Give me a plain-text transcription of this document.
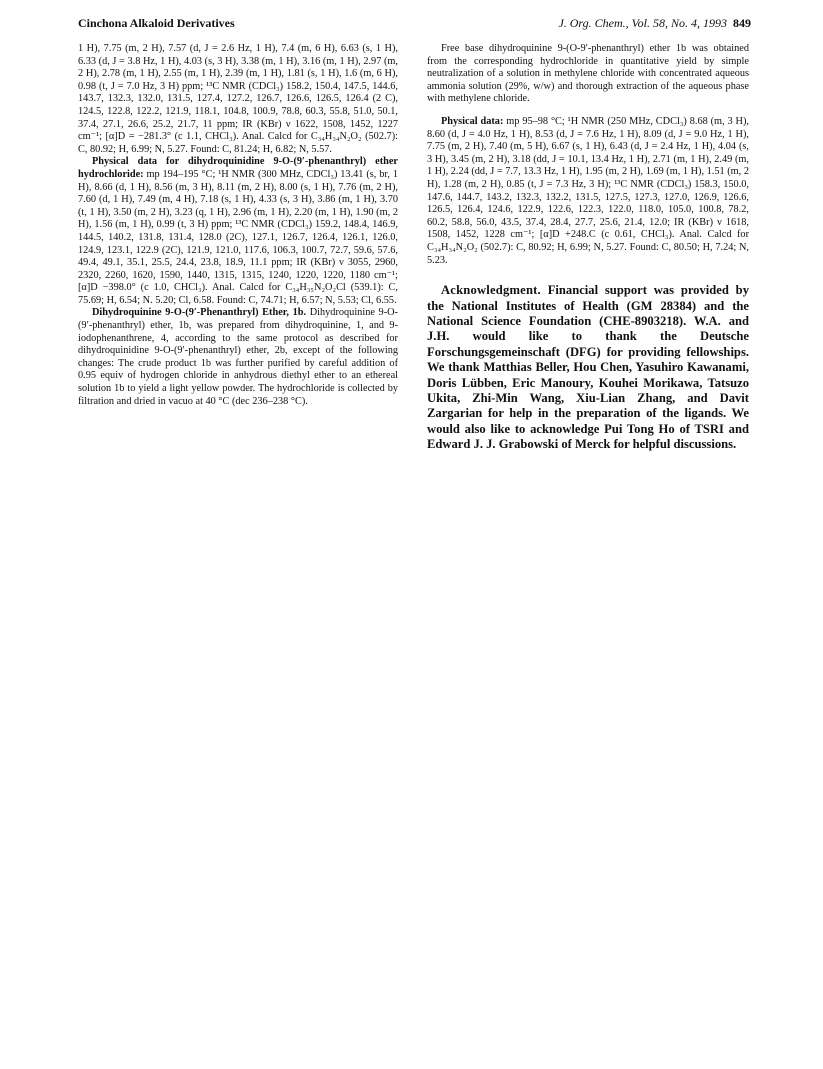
Cinchona Alkaloid Derivatives	J. Org. Chem., Vol. 58, No. 4, 1993 849

1 H), 7.75 (m, 2 H), 7.57 (d, J = 2.6 Hz, 1 H), 7.4 (m, 6 H), 6.63 (s, 1 H), 6.33 (d, J = 3.8 Hz, 1 H), 4.03 (s, 3 H), 3.38 (m, 1 H), 3.16 (m, 1 H), 2.97 (m, 2 H), 2.78 (m, 1 H), 2.55 (m, 1 H), 2.39 (m, 1 H), 1.81 (s, 1 H), 1.6 (m, 6 H), 0.98 (t, J = 7.0 Hz, 3 H) ppm; ¹³C NMR (CDCl₃) 158.2, 150.4, 147.5, 144.6, 143.7, 132.3, 132.0, 131.5, 127.4, 127.2, 126.7, 126.6, 126.5, 126.4 (2 C), 124.5, 122.8, 122.2, 121.9, 118.1, 104.8, 100.9, 78.8, 60.3, 55.8, 51.0, 50.1, 37.4, 27.1, 26.6, 25.2, 21.7, 11 ppm; IR (KBr) ν 1622, 1508, 1452, 1227 cm⁻¹; [α]D = −281.3° (c 1.1, CHCl₃). Anal. Calcd for C₃₄H₃₄N₂O₂ (502.7): C, 80.92; H, 6.99; N, 5.27. Found: C, 81.24; H, 6.82; N, 5.57.

Physical data for dihydroquinidine 9-O-(9′-phenanthryl) ether hydrochloride: mp 194–195 °C; ¹H NMR (300 MHz, CDCl₃) 13.41 (s, br, 1 H), 8.66 (d, 1 H), 8.56 (m, 3 H), 8.11 (m, 2 H), 8.00 (s, 1 H), 7.76 (m, 2 H), 7.60 (d, 1 H), 7.49 (m, 4 H), 7.18 (s, 1 H), 4.33 (s, 3 H), 3.86 (m, 1 H), 3.70 (t, 1 H), 3.50 (m, 2 H), 3.23 (q, 1 H), 2.96 (m, 1 H), 2.20 (m, 1 H), 1.90 (m, 2 H), 1.56 (m, 1 H), 0.99 (t, 3 H) ppm; ¹³C NMR (CDCl₃) 159.2, 148.4, 146.9, 144.5, 140.2, 131.8, 131.4, 128.0 (2C), 127.1, 126.7, 126.4, 126.1, 126.0, 124.9, 123.1, 122.9 (2C), 121.9, 121.0, 117.6, 106.3, 100.7, 72.7, 59.6, 57.6, 49.4, 49.1, 35.1, 25.5, 24.4, 23.8, 18.9, 11.1 ppm; IR (KBr) ν 3055, 2960, 2320, 2260, 1620, 1590, 1440, 1315, 1315, 1240, 1220, 1220, 1180 cm⁻¹; [α]D −398.0° (c 1.0, CHCl₃). Anal. Calcd for C₃₄H₃₅N₂O₂Cl (539.1): C, 75.69; H, 6.54; N. 5.20; Cl, 6.58. Found: C, 74.71; H, 6.57; N, 5.53; Cl, 6.55.

Dihydroquinine 9-O-(9′-Phenanthryl) Ether, 1b. Dihydroquinine 9-O-(9′-phenanthryl) ether, 1b, was prepared from dihydroquinine, 1, and 9-iodophenanthrene, 4, according to the same protocol as described for dihydroquinidine 9-O-(9′-phenanthryl) ether, 2b, except of the following changes: The crude product 1b was further purified by careful addition of 0.95 equiv of hydrogen chloride in anhydrous diethyl ether to an ethereal solution 1b to yield a light yellow powder. The hydrochloride is collected by filtration and dried in vacuo at 40 °C (dec 236–238 °C).

Free base dihydroquinine 9-(O-9′-phenanthryl) ether 1b was obtained from the corresponding hydrochloride in quantitative yield by simple neutralization of a solution in methylene chloride with concentrated aqueous ammonia solution (29%, w/w) and thorough extraction of the aqueous phase with methylene chloride.

Physical data: mp 95–98 °C; ¹H NMR (250 MHz, CDCl₃) 8.68 (m, 3 H), 8.60 (d, J = 4.0 Hz, 1 H), 8.53 (d, J = 7.6 Hz, 1 H), 8.09 (d, J = 9.0 Hz, 1 H), 7.75 (m, 2 H), 7.40 (m, 5 H), 6.67 (s, 1 H), 6.43 (d, J = 2.4 Hz, 1 H), 4.04 (s, 3 H), 3.45 (m, 2 H), 3.18 (dd, J = 10.1, 13.4 Hz, 1 H), 2.71 (m, 1 H), 2.49 (m, 1 H), 2.24 (dd, J = 7.7, 13.3 Hz, 1 H), 1.95 (m, 2 H), 1.69 (m, 1 H), 1.51 (m, 2 H), 1.28 (m, 2 H), 0.85 (t, J = 7.3 Hz, 3 H); ¹³C NMR (CDCl₃) 158.3, 150.0, 147.6, 144.7, 143.2, 132.3, 132.2, 131.5, 127.5, 127.3, 127.0, 126.9, 126.6, 126.5, 126.4, 124.6, 122.9, 122.6, 122.3, 122.0, 118.0, 105.0, 100.8, 78.2, 60.2, 58.8, 56.0, 43.5, 37.4, 28.4, 27.7, 25.6, 21.4, 12.0; IR (KBr) ν 1618, 1508, 1452, 1228 cm⁻¹; [α]D +248.C (c 0.61, CHCl₃). Anal. Calcd for C₃₄H₃₄N₂O₂ (502.7): C, 80.92; H, 6.99; N, 5.27. Found: C, 80.50; H, 7.24; N, 5.23.

Acknowledgment. Financial support was provided by the National Institutes of Health (GM 28384) and the National Science Foundation (CHE-8903218). W.A. and J.H. would like to thank the Deutsche Forschungsgemeinschaft (DFG) for providing fellowships. We thank Matthias Beller, Hou Chen, Yasuhiro Kawanami, Doris Lübben, Eric Manoury, Kouhei Morikawa, Tatsuzo Ukita, Zhi-Min Wang, Xiu-Lian Zhang, and Davit Zargarian for help in the preparation of the ligands. We would also like to acknowledge Pui Tong Ho of TSRI and Edward J. J. Grabowski of Merck for helpful discussions.
